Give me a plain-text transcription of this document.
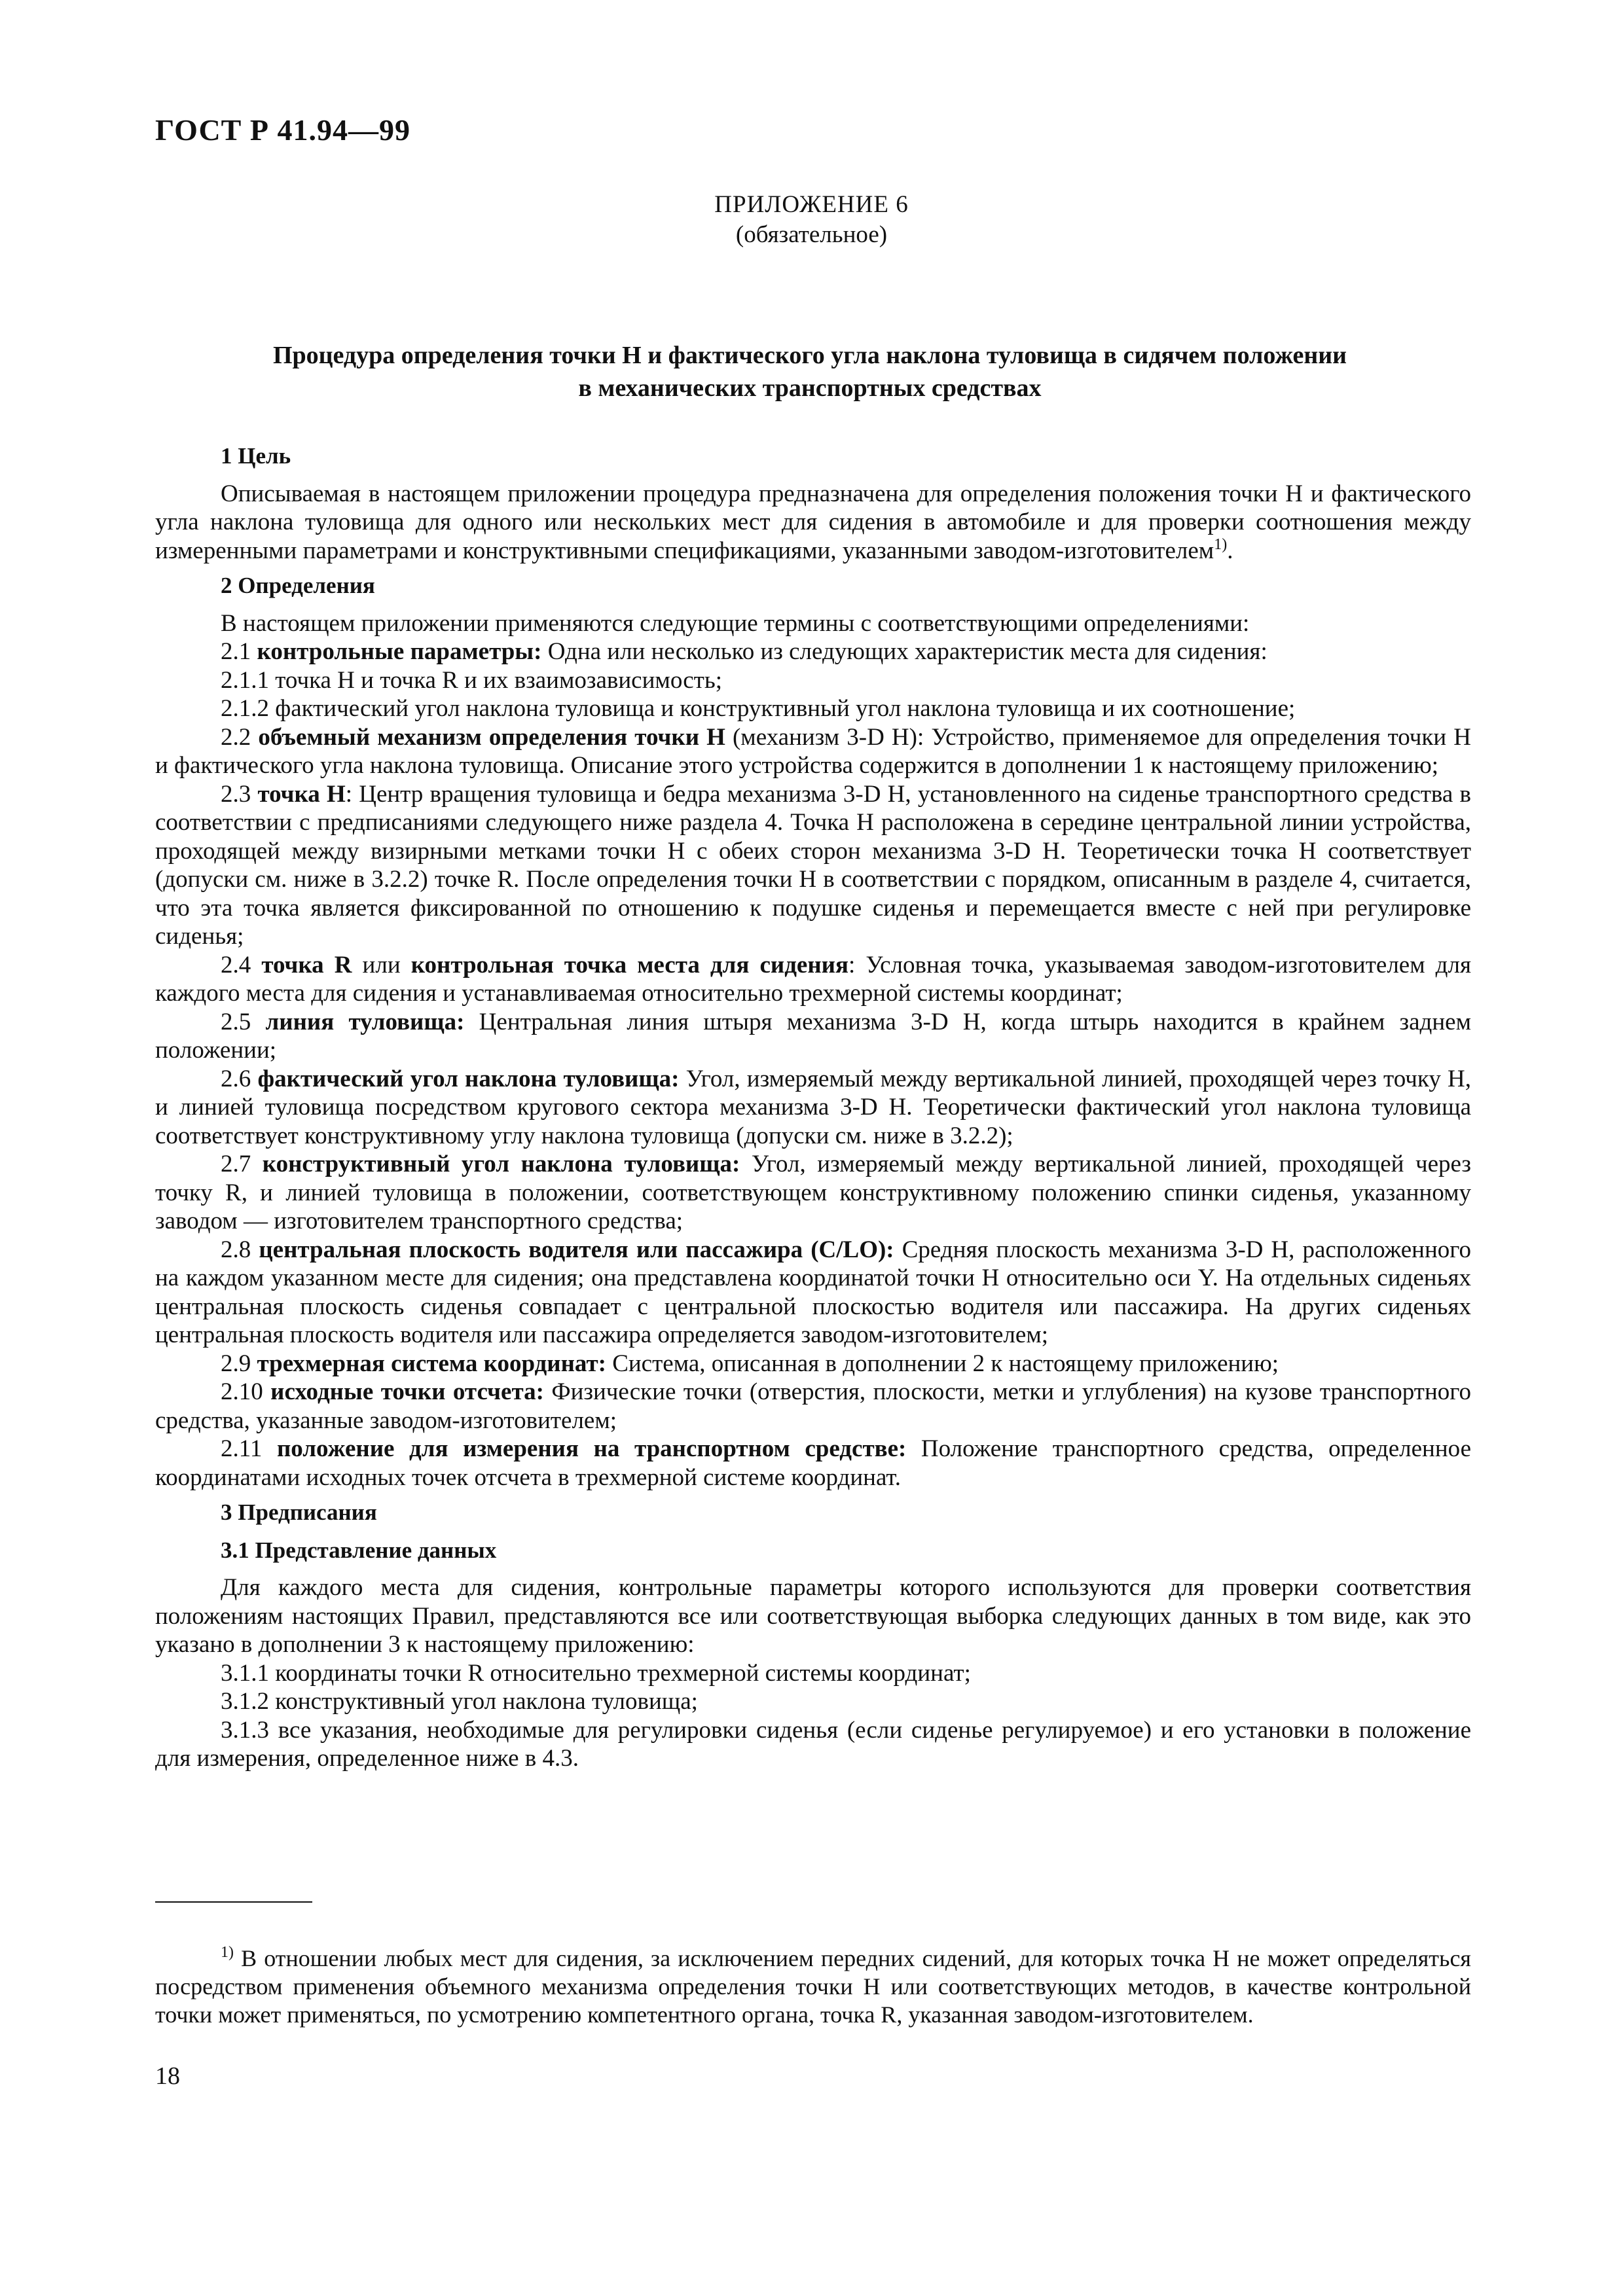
ГОСТ Р 41.94—99
ПРИЛОЖЕНИЕ 6
(обязательное)
Процедура определения точки H и фактического угла наклона туловища в сидячем положении
в механических транспортных средствах
1 Цель

Описываемая в настоящем приложении процедура предназначена для определения положения точки H и фактического угла наклона туловища для одного или нескольких мест для сидения в автомобиле и для проверки соотношения между измеренными параметрами и конструктивными спецификациями, указанными заводом-изготовителем$^{1)}$.

2 Определения

В настоящем приложении применяются следующие термины с соответствующими определениями:

2.1 контрольные параметры: Одна или несколько из следующих характеристик места для сидения:

2.1.1 точка H и точка R и их взаимозависимость;

2.1.2 фактический угол наклона туловища и конструктивный угол наклона туловища и их соотношение;

2.2 объемный механизм определения точки H (механизм 3-D H): Устройство, применяемое для определения точки H и фактического угла наклона туловища. Описание этого устройства содержится в дополнении 1 к настоящему приложению;

2.3 точка H: Центр вращения туловища и бедра механизма 3-D H, установленного на сиденье транспортного средства в соответствии с предписаниями следующего ниже раздела 4. Точка H расположена в середине центральной линии устройства, проходящей между визирными метками точки H с обеих сторон механизма 3-D H. Теоретически точка H соответствует (допуски см. ниже в 3.2.2) точке R. После определения точки H в соответствии с порядком, описанным в разделе 4, считается, что эта точка является фиксированной по отношению к подушке сиденья и перемещается вместе с ней при регулировке сиденья;

2.4 точка R или контрольная точка места для сидения: Условная точка, указываемая заводом-изготовителем для каждого места для сидения и устанавливаемая относительно трехмерной системы координат;

2.5 линия туловища: Центральная линия штыря механизма 3-D H, когда штырь находится в крайнем заднем положении;

2.6 фактический угол наклона туловища: Угол, измеряемый между вертикальной линией, проходящей через точку H, и линией туловища посредством кругового сектора механизма 3-D H. Теоретически фактический угол наклона туловища соответствует конструктивному углу наклона туловища (допуски см. ниже в 3.2.2);

2.7 конструктивный угол наклона туловища: Угол, измеряемый между вертикальной линией, проходящей через точку R, и линией туловища в положении, соответствующем конструктивному положению спинки сиденья, указанному заводом — изготовителем транспортного средства;

2.8 центральная плоскость водителя или пассажира (C/LO): Средняя плоскость механизма 3-D H, расположенного на каждом указанном месте для сидения; она представлена координатой точки H относительно оси Y. На отдельных сиденьях центральная плоскость сиденья совпадает с центральной плоскостью водителя или пассажира. На других сиденьях центральная плоскость водителя или пассажира определяется заводом-изготовителем;

2.9 трехмерная система координат: Система, описанная в дополнении 2 к настоящему приложению;

2.10 исходные точки отсчета: Физические точки (отверстия, плоскости, метки и углубления) на кузове транспортного средства, указанные заводом-изготовителем;

2.11 положение для измерения на транспортном средстве: Положение транспортного средства, определенное координатами исходных точек отсчета в трехмерной системе координат.

3 Предписания
3.1 Представление данных

Для каждого места для сидения, контрольные параметры которого используются для проверки соответствия положениям настоящих Правил, представляются все или соответствующая выборка следующих данных в том виде, как это указано в дополнении 3 к настоящему приложению:

3.1.1 координаты точки R относительно трехмерной системы координат;

3.1.2 конструктивный угол наклона туловища;

3.1.3 все указания, необходимые для регулировки сиденья (если сиденье регулируемое) и его установки в положение для измерения, определенное ниже в 4.3.

$^{1)}$ В отношении любых мест для сидения, за исключением передних сидений, для которых точка H не может определяться посредством применения объемного механизма определения точки H или соответствующих методов, в качестве контрольной точки может применяться, по усмотрению компетентного органа, точка R, указанная заводом-изготовителем.

18
